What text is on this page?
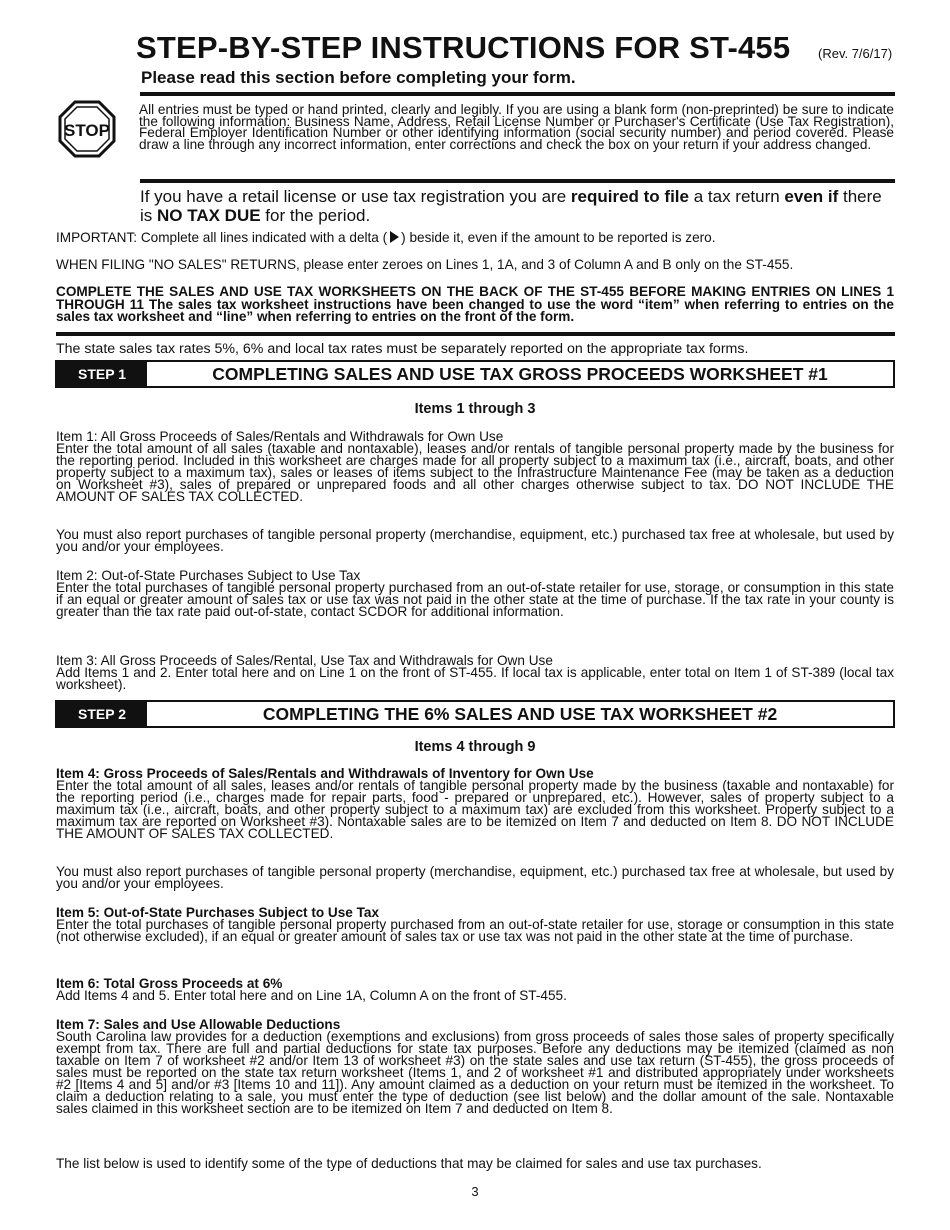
STEP-BY-STEP INSTRUCTIONS FOR ST-455 (Rev. 7/6/17)
Please read this section before completing your form.
STOP
All entries must be typed or hand printed, clearly and legibly. If you are using a blank form (non-preprinted) be sure to indicate the following information: Business Name, Address, Retail License Number or Purchaser's Certificate (Use Tax Registration), Federal Employer Identification Number or other identifying information (social security number) and period covered. Please draw a line through any incorrect information, enter corrections and check the box on your return if your address changed.
If you have a retail license or use tax registration you are required to file a tax return even if there is NO TAX DUE for the period.
IMPORTANT: Complete all lines indicated with a delta ( ) beside it, even if the amount to be reported is zero.
WHEN FILING "NO SALES" RETURNS, please enter zeroes on Lines 1, 1A, and 3 of Column A and B only on the ST-455.
COMPLETE THE SALES AND USE TAX WORKSHEETS ON THE BACK OF THE ST-455 BEFORE MAKING ENTRIES ON LINES 1 THROUGH 11 The sales tax worksheet instructions have been changed to use the word “item” when referring to entries on the sales tax worksheet and “line” when referring to entries on the front of the form.
The state sales tax rates 5%, 6% and local tax rates must be separately reported on the appropriate tax forms.
STEP 1	COMPLETING SALES AND USE TAX GROSS PROCEEDS WORKSHEET #1
Items 1 through 3
Item 1: All Gross Proceeds of Sales/Rentals and Withdrawals for Own Use
Enter the total amount of all sales (taxable and nontaxable), leases and/or rentals of tangible personal property made by the business for the reporting period. Included in this worksheet are charges made for all property subject to a maximum tax (i.e., aircraft, boats, and other property subject to a maximum tax), sales or leases of items subject to the Infrastructure Maintenance Fee (may be taken as a deduction on Worksheet #3), sales of prepared or unprepared foods and all other charges otherwise subject to tax. DO NOT INCLUDE THE AMOUNT OF SALES TAX COLLECTED.
You must also report purchases of tangible personal property (merchandise, equipment, etc.) purchased tax free at wholesale, but used by you and/or your employees.
Item 2: Out-of-State Purchases Subject to Use Tax
Enter the total purchases of tangible personal property purchased from an out-of-state retailer for use, storage, or consumption in this state if an equal or greater amount of sales tax or use tax was not paid in the other state at the time of purchase. If the tax rate in your county is greater than the tax rate paid out-of-state, contact SCDOR for additional information.
Item 3: All Gross Proceeds of Sales/Rental, Use Tax and Withdrawals for Own Use
Add Items 1 and 2. Enter total here and on Line 1 on the front of ST-455. If local tax is applicable, enter total on Item 1 of ST-389 (local tax worksheet).
STEP 2	COMPLETING THE 6% SALES AND USE TAX WORKSHEET #2
Items 4 through 9
Item 4: Gross Proceeds of Sales/Rentals and Withdrawals of Inventory for Own Use
Enter the total amount of all sales, leases and/or rentals of tangible personal property made by the business (taxable and nontaxable) for the reporting period (i.e., charges made for repair parts, food - prepared or unprepared, etc.). However, sales of property subject to a maximum tax (i.e., aircraft, boats, and other property subject to a maximum tax) are excluded from this worksheet. Property subject to a maximum tax are reported on Worksheet #3). Nontaxable sales are to be itemized on Item 7 and deducted on Item 8. DO NOT INCLUDE THE AMOUNT OF SALES TAX COLLECTED.
You must also report purchases of tangible personal property (merchandise, equipment, etc.) purchased tax free at wholesale, but used by you and/or your employees.
Item 5: Out-of-State Purchases Subject to Use Tax
Enter the total purchases of tangible personal property purchased from an out-of-state retailer for use, storage or consumption in this state (not otherwise excluded), if an equal or greater amount of sales tax or use tax was not paid in the other state at the time of purchase.
Item 6: Total Gross Proceeds at 6%
Add Items 4 and 5. Enter total here and on Line 1A, Column A on the front of ST-455.
Item 7: Sales and Use Allowable Deductions
South Carolina law provides for a deduction (exemptions and exclusions) from gross proceeds of sales those sales of property specifically exempt from tax. There are full and partial deductions for state tax purposes. Before any deductions may be itemized (claimed as non taxable on Item 7 of worksheet #2 and/or Item 13 of worksheet #3) on the state sales and use tax return (ST-455), the gross proceeds of sales must be reported on the state tax return worksheet (Items 1, and 2 of worksheet #1 and distributed appropriately under worksheets #2 [Items 4 and 5] and/or #3 [Items 10 and 11]). Any amount claimed as a deduction on your return must be itemized in the worksheet. To claim a deduction relating to a sale, you must enter the type of deduction (see list below) and the dollar amount of the sale. Nontaxable sales claimed in this worksheet section are to be itemized on Item 7 and deducted on Item 8.
The list below is used to identify some of the type of deductions that may be claimed for sales and use tax purchases.
3
